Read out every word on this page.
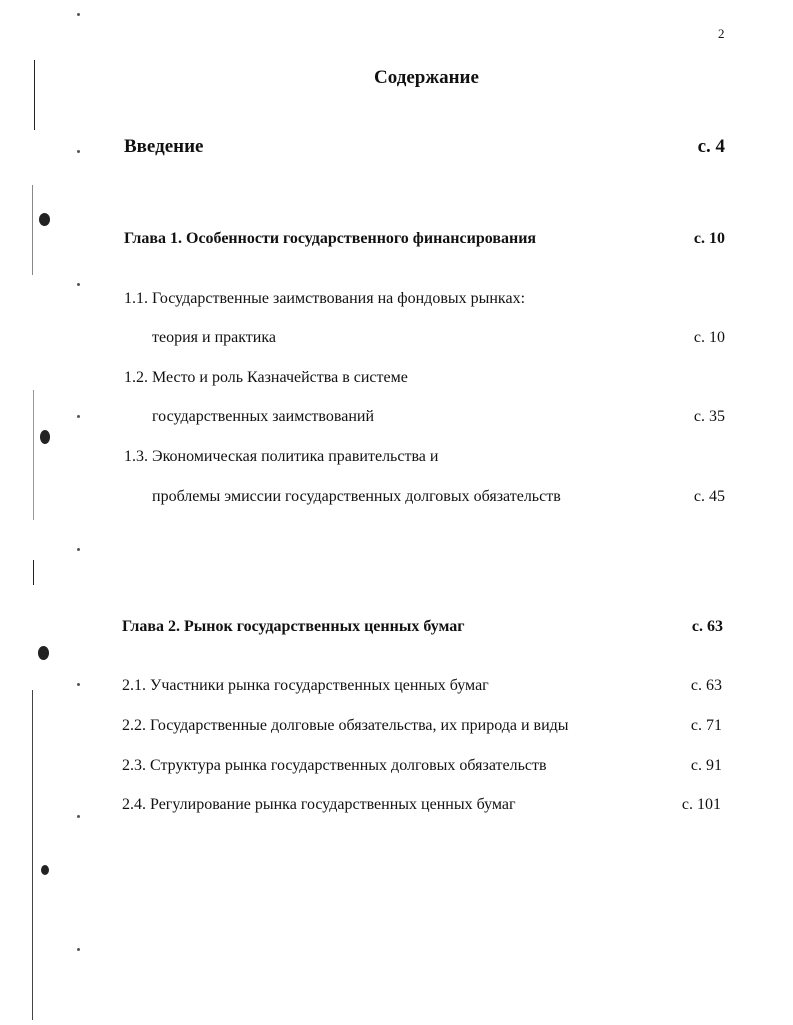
2
Содержание
Введение	с. 4
Глава 1. Особенности государственного финансирования	с. 10
1.1. Государственные заимствования на фондовых рынках:
теория и практика	с. 10
1.2. Место и роль Казначейства в системе
государственных заимствований	с. 35
1.3. Экономическая политика правительства и
проблемы эмиссии государственных долговых обязательств	с. 45
Глава 2. Рынок государственных ценных бумаг	с. 63
2.1. Участники рынка государственных ценных бумаг	с. 63
2.2. Государственные долговые обязательства, их природа и виды	с. 71
2.3. Структура рынка государственных долговых обязательств	с. 91
2.4. Регулирование рынка государственных ценных бумаг	с. 101
